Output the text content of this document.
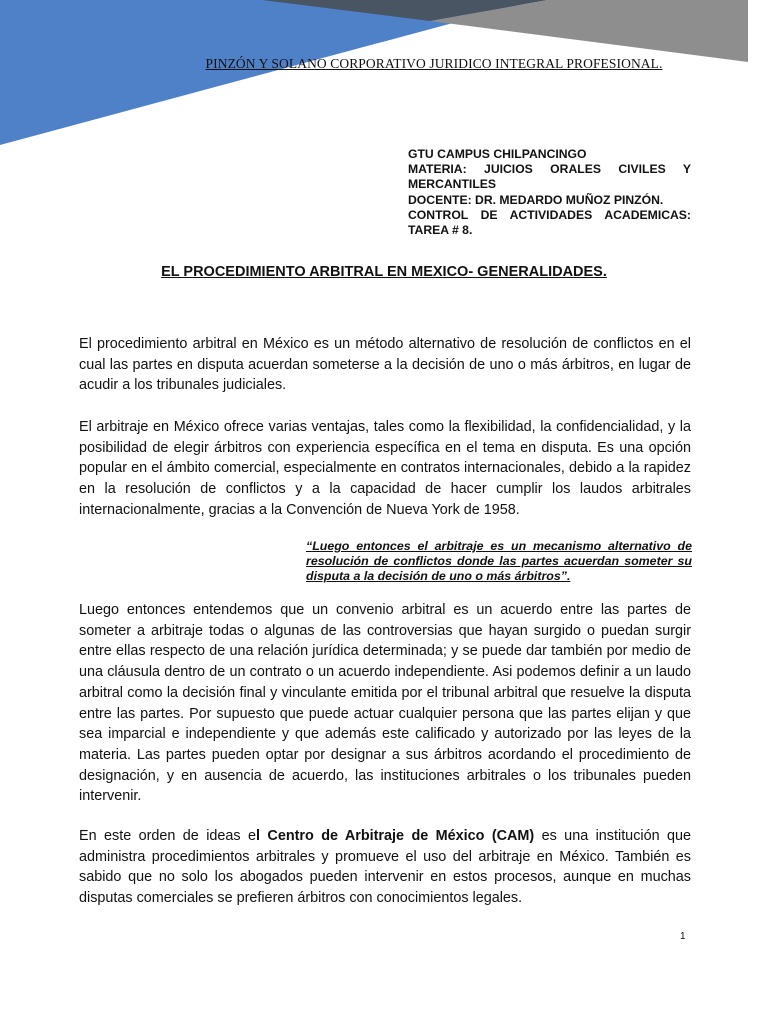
PINZÓN Y SOLANO CORPORATIVO JURIDICO INTEGRAL PROFESIONAL.
GTU CAMPUS CHILPANCINGO
MATERIA: JUICIOS ORALES CIVILES Y
MERCANTILES
DOCENTE: DR. MEDARDO MUÑOZ PINZÓN.
CONTROL DE ACTIVIDADES ACADEMICAS:
TAREA # 8.
EL PROCEDIMIENTO ARBITRAL EN MEXICO- GENERALIDADES.

El procedimiento arbitral en México es un método alternativo de resolución de conflictos en el cual las partes en disputa acuerdan someterse a la decisión de uno o más árbitros, en lugar de acudir a los tribunales judiciales.

El arbitraje en México ofrece varias ventajas, tales como la flexibilidad, la confidencialidad, y la posibilidad de elegir árbitros con experiencia específica en el tema en disputa. Es una opción popular en el ámbito comercial, especialmente en contratos internacionales, debido a la rapidez en la resolución de conflictos y a la capacidad de hacer cumplir los laudos arbitrales internacionalmente, gracias a la Convención de Nueva York de 1958.

“Luego entonces el arbitraje es un mecanismo alternativo de resolución de conflictos donde las partes acuerdan someter su disputa a la decisión de uno o más árbitros”.

Luego entonces entendemos que un convenio arbitral es un acuerdo entre las partes de someter a arbitraje todas o algunas de las controversias que hayan surgido o puedan surgir entre ellas respecto de una relación jurídica determinada; y se puede dar también por medio de una cláusula dentro de un contrato o un acuerdo independiente. Asi podemos definir a un laudo arbitral como la decisión final y vinculante emitida por el tribunal arbitral que resuelve la disputa entre las partes. Por supuesto que puede actuar cualquier persona que las partes elijan y que sea imparcial e independiente y que además este calificado y autorizado por las leyes de la materia. Las partes pueden optar por designar a sus árbitros acordando el procedimiento de designación, y en ausencia de acuerdo, las instituciones arbitrales o los tribunales pueden intervenir.

En este orden de ideas el Centro de Arbitraje de México (CAM) es una institución que administra procedimientos arbitrales y promueve el uso del arbitraje en México. También es sabido que no solo los abogados pueden intervenir en estos procesos, aunque en muchas disputas comerciales se prefieren árbitros con conocimientos legales.

1
